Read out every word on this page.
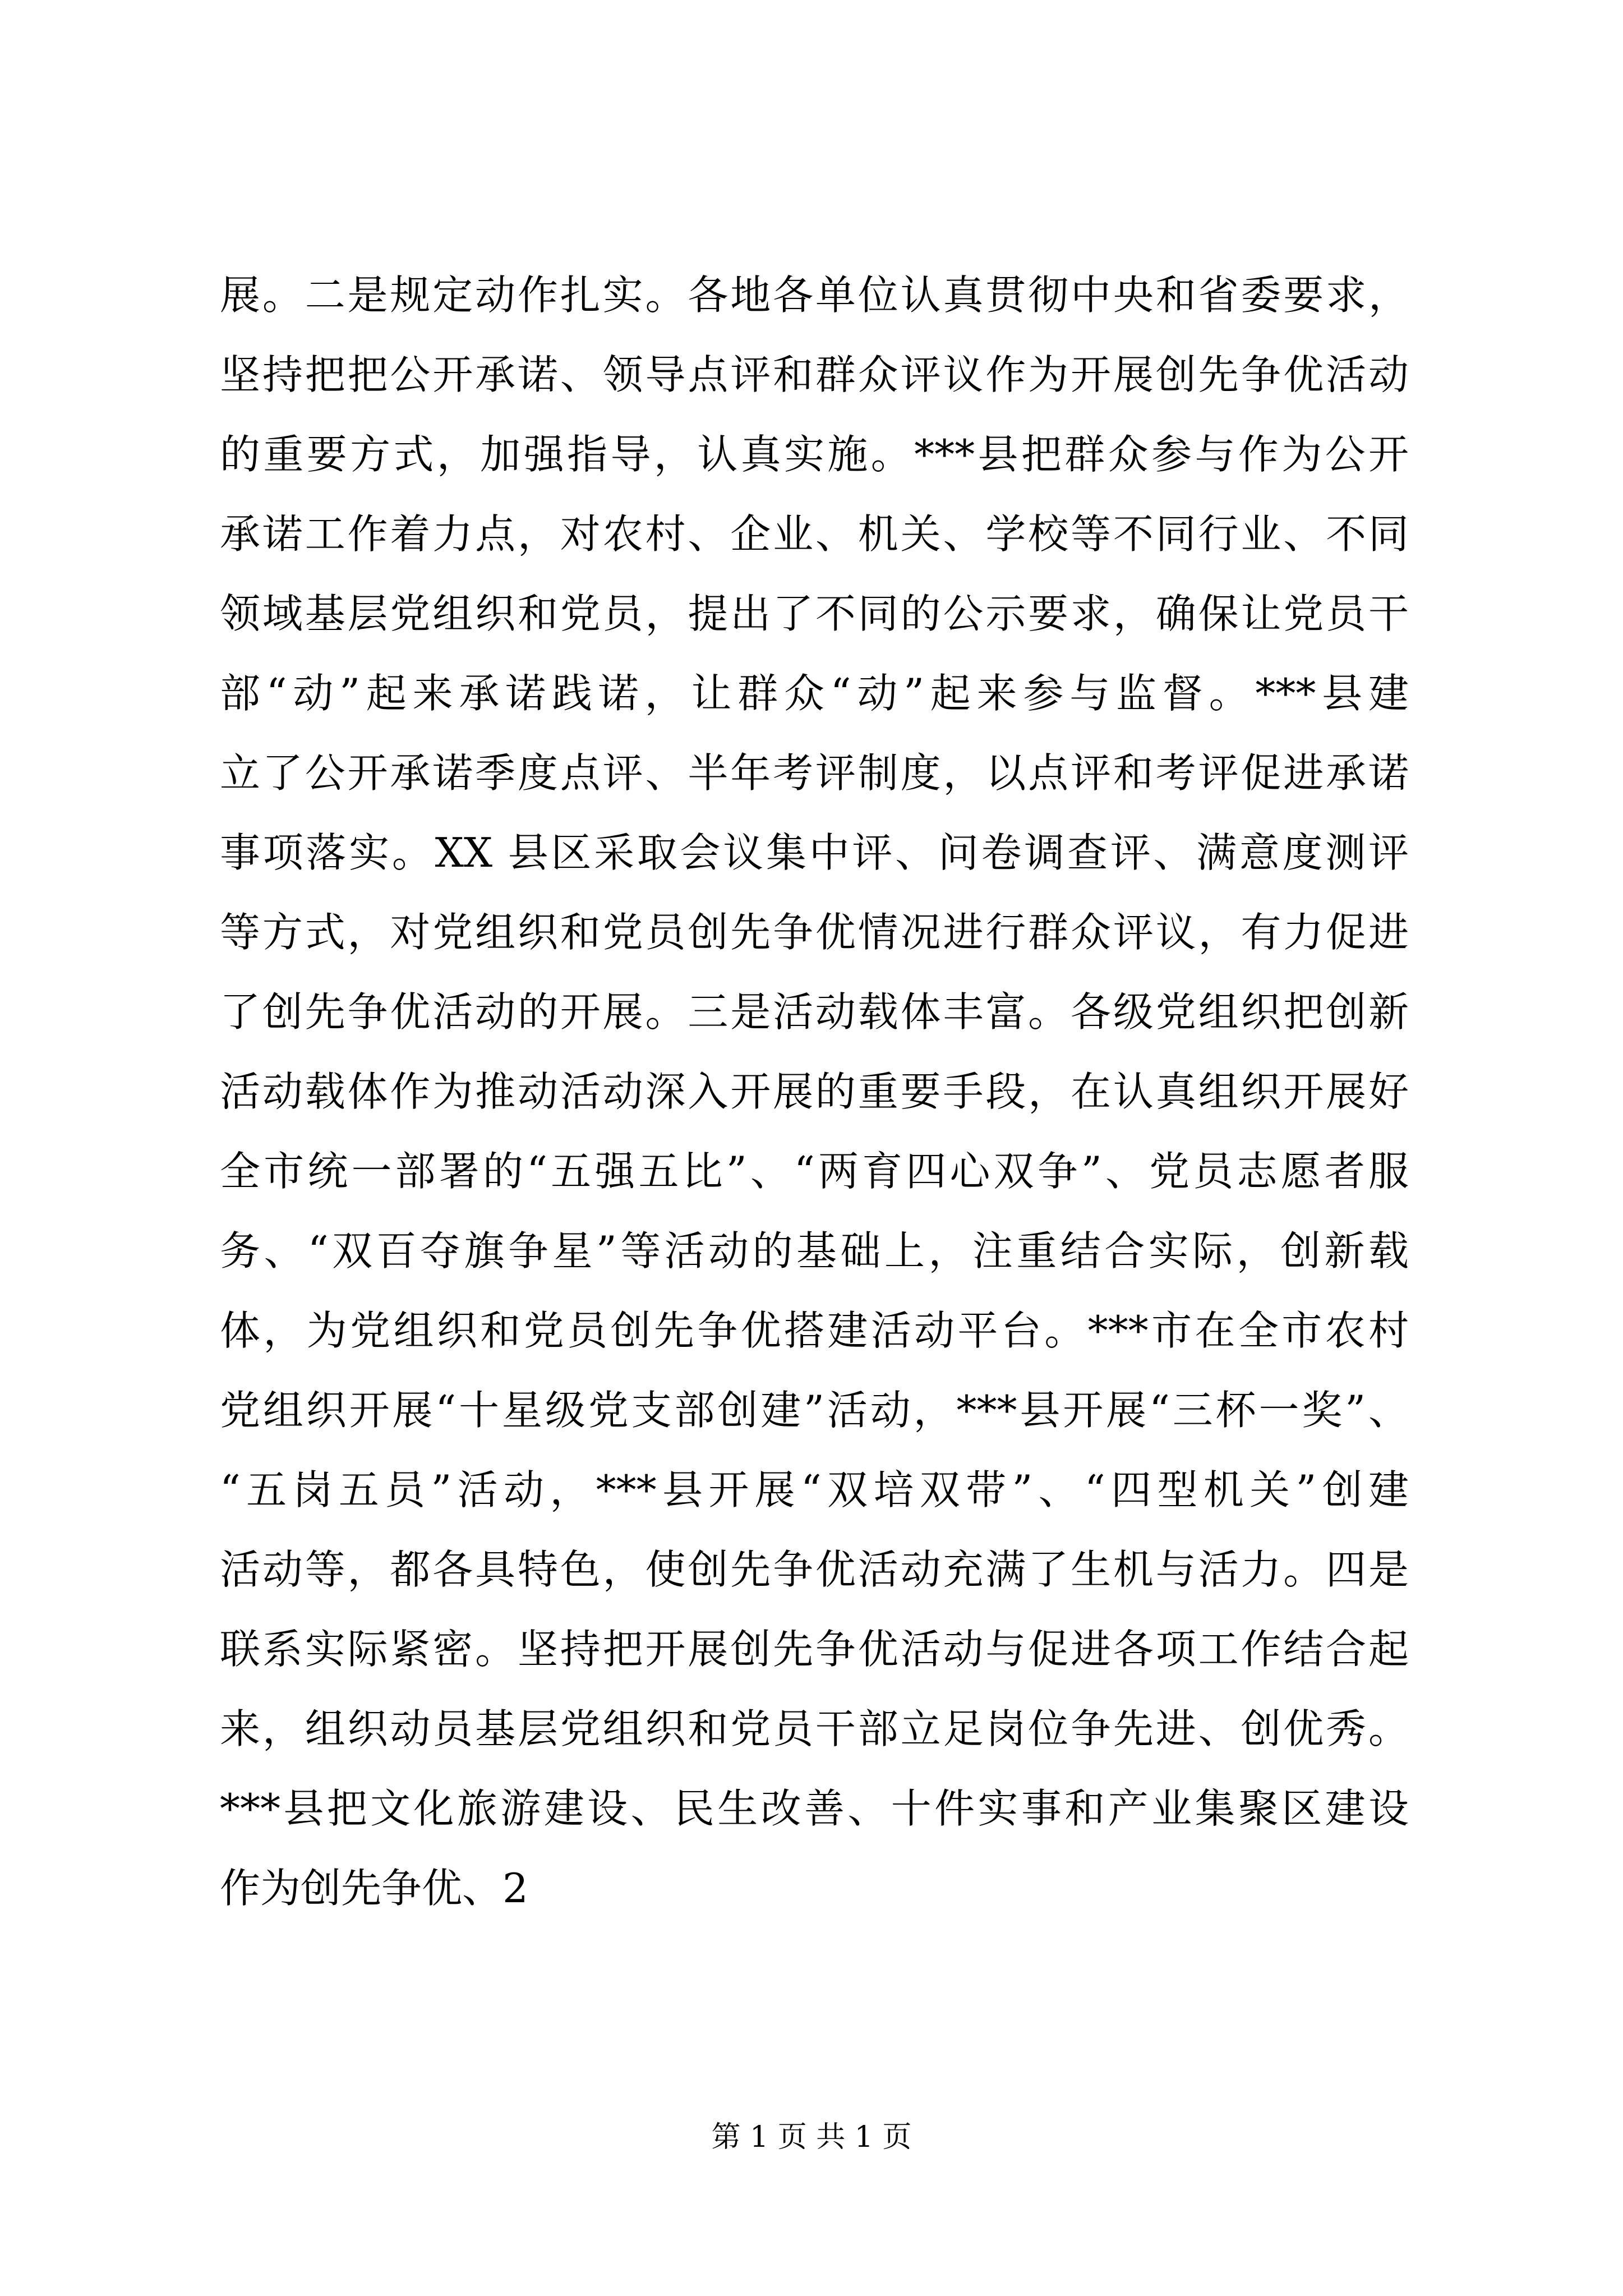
展。二是规定动作扎实。各地各单位认真贯彻中央和省委要求，
坚持把把公开承诺、领导点评和群众评议作为开展创先争优活动
的重要方式，加强指导，认真实施。***县把群众参与作为公开
承诺工作着力点，对农村、企业、机关、学校等不同行业、不同
领域基层党组织和党员，提出了不同的公示要求，确保让党员干
部“动”起来承诺践诺，让群众“动”起来参与监督。***县建
立了公开承诺季度点评、半年考评制度，以点评和考评促进承诺
事项落实。XX 县区采取会议集中评、问卷调查评、满意度测评
等方式，对党组织和党员创先争优情况进行群众评议，有力促进
了创先争优活动的开展。三是活动载体丰富。各级党组织把创新
活动载体作为推动活动深入开展的重要手段，在认真组织开展好
全市统一部署的“五强五比”、“两育四心双争”、党员志愿者服
务、“双百夺旗争星”等活动的基础上，注重结合实际，创新载
体，为党组织和党员创先争优搭建活动平台。***市在全市农村
党组织开展“十星级党支部创建”活动，***县开展“三杯一奖”、
“五岗五员”活动，***县开展“双培双带”、“四型机关”创建
活动等，都各具特色，使创先争优活动充满了生机与活力。四是
联系实际紧密。坚持把开展创先争优活动与促进各项工作结合起
来，组织动员基层党组织和党员干部立足岗位争先进、创优秀。
***县把文化旅游建设、民生改善、十件实事和产业集聚区建设
作为创先争优、2
第 1 页 共 1 页
